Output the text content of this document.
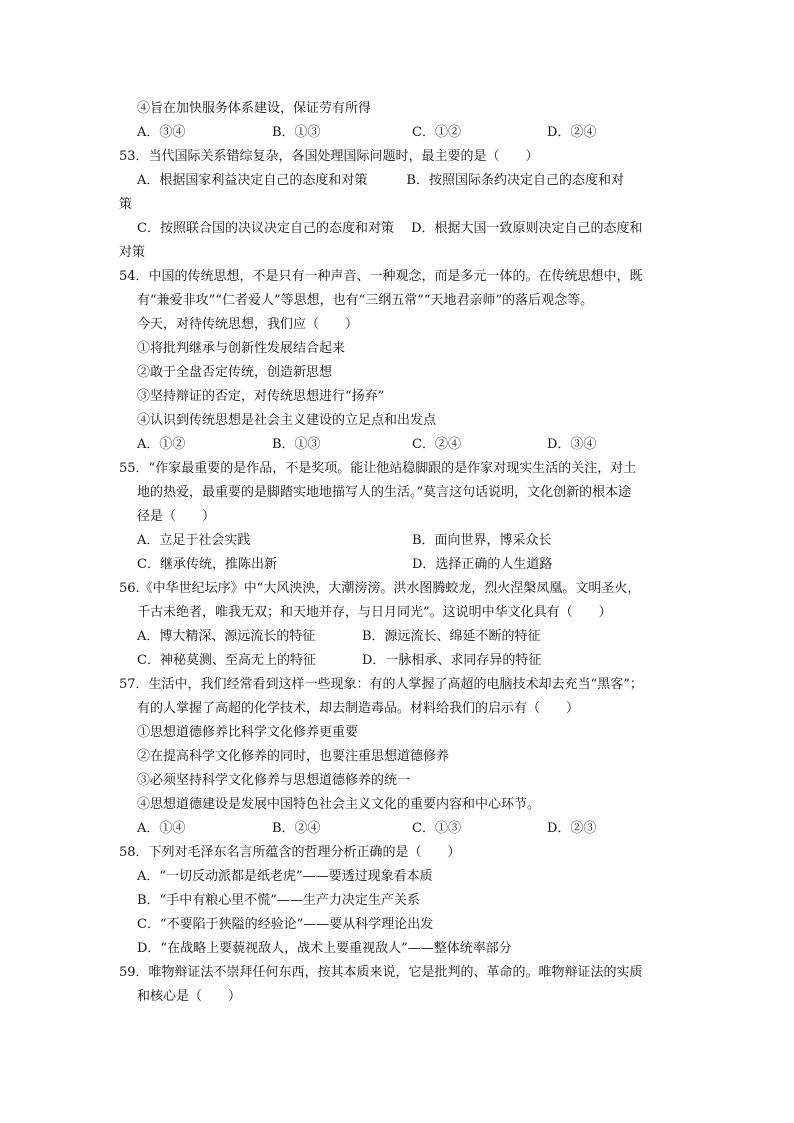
④旨在加快服务体系建设，保证劳有所得
A．③④	B．①③	C．①②	D．②④
53．当代国际关系错综复杂，各国处理国际问题时，最主要的是（　　）
A．根据国家利益决定自己的态度和对策　　　B．按照国际条约决定自己的态度和对
策
C．按照联合国的决议决定自己的态度和对策　 D．根据大国一致原则决定自己的态度和
对策
54．中国的传统思想，不是只有一种声音、一种观念，而是多元一体的。在传统思想中，既
有“兼爱非攻”“仁者爱人”等思想，也有“三纲五常”“天地君亲师”的落后观念等。
今天，对待传统思想，我们应（　　）
①将批判继承与创新性发展结合起来
②敢于全盘否定传统，创造新思想
③坚持辩证的否定，对传统思想进行“扬弃”
④认识到传统思想是社会主义建设的立足点和出发点
A．①②	B．①③	C．②④	D．③④
55．“作家最重要的是作品，不是奖项。能让他站稳脚跟的是作家对现实生活的关注，对土
地的热爱，最重要的是脚踏实地地描写人的生活。”莫言这句话说明，文化创新的根本途
径是（　　）
A．立足于社会实践	B．面向世界，博采众长
C．继承传统，推陈出新	D．选择正确的人生道路
56.《中华世纪坛序》中“大风泱泱，大潮滂滂。洪水图腾蛟龙，烈火涅槃凤凰。文明圣火，
千古未绝者，唯我无双；和天地并存，与日月同光”。这说明中华文化具有（　　）
A．博大精深、源远流长的特征	B．源远流长、绵延不断的特征
C．神秘莫测、至高无上的特征	D．一脉相承、求同存异的特征
57．生活中，我们经常看到这样一些现象：有的人掌握了高超的电脑技术却去充当“黑客”；
有的人掌握了高超的化学技术，却去制造毒品。材料给我们的启示有（　　）
①思想道德修养比科学文化修养更重要
②在提高科学文化修养的同时，也要注重思想道德修养
③必须坚持科学文化修养与思想道德修养的统一
④思想道德建设是发展中国特色社会主义文化的重要内容和中心环节。
A．①④	B．②④	C．①③	D．②③
58．下列对毛泽东名言所蕴含的哲理分析正确的是（　　）
A．“一切反动派都是纸老虎”——要透过现象看本质
B．“手中有粮心里不慌”——生产力决定生产关系
C．“不要陷于狭隘的经验论”——要从科学理论出发
D．“在战略上要藐视敌人，战术上要重视敌人”——整体统率部分
59．唯物辩证法不崇拜任何东西，按其本质来说，它是批判的、革命的。唯物辩证法的实质
和核心是（　　）
